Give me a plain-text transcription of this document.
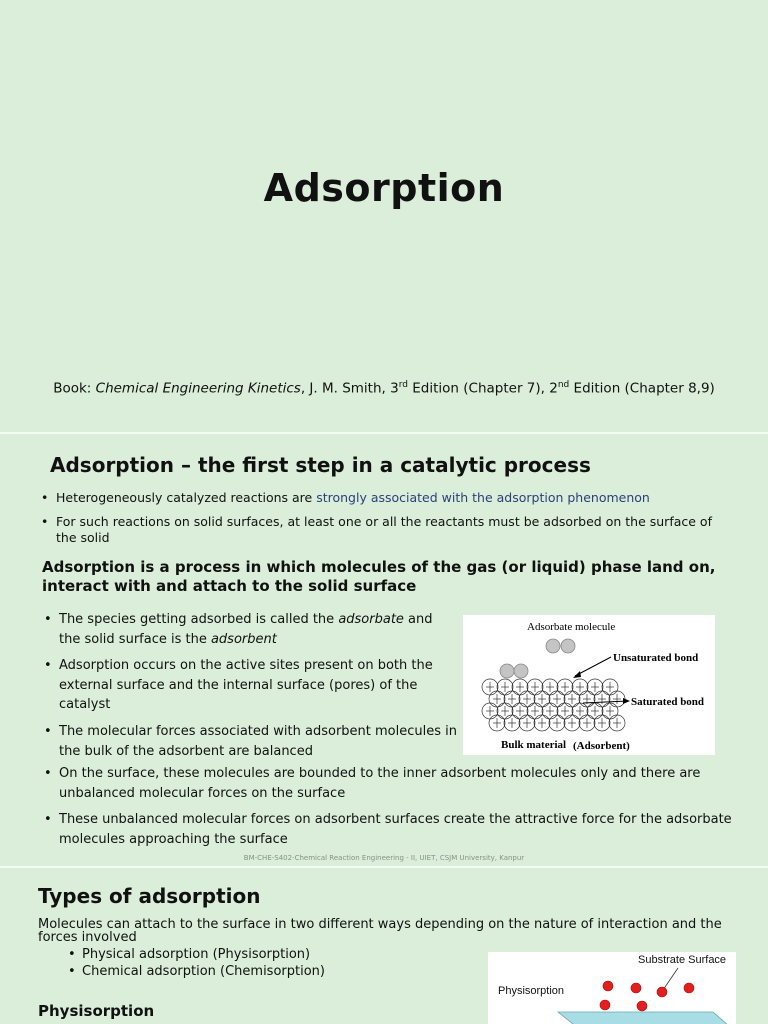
Adsorption
Book: Chemical Engineering Kinetics, J. M. Smith, 3rd Edition (Chapter 7), 2nd Edition (Chapter 8,9)
Adsorption – the first step in a catalytic process
• Heterogeneously catalyzed reactions are strongly associated with the adsorption phenomenon
• For such reactions on solid surfaces, at least one or all the reactants must be adsorbed on the surface of the solid
Adsorption is a process in which molecules of the gas (or liquid) phase land on, interact with and attach to the solid surface
• The species getting adsorbed is called the adsorbate and the solid surface is the adsorbent
• Adsorption occurs on the active sites present on both the external surface and the internal surface (pores) of the catalyst
• The molecular forces associated with adsorbent molecules in the bulk of the adsorbent are balanced
• On the surface, these molecules are bounded to the inner adsorbent molecules only and there are unbalanced molecular forces on the surface
• These unbalanced molecular forces on adsorbent surfaces create the attractive force for the adsorbate molecules approaching the surface
Adsorbate molecule
Unsaturated bond
Saturated bond
Bulk material (Adsorbent)
BM-CHE-S402-Chemical Reaction Engineering - II, UIET, CSJM University, Kanpur
Types of adsorption
Molecules can attach to the surface in two different ways depending on the nature of interaction and the forces involved
• Physical adsorption (Physisorption)
• Chemical adsorption (Chemisorption)
Physisorption
Substrate Surface
Physisorption
